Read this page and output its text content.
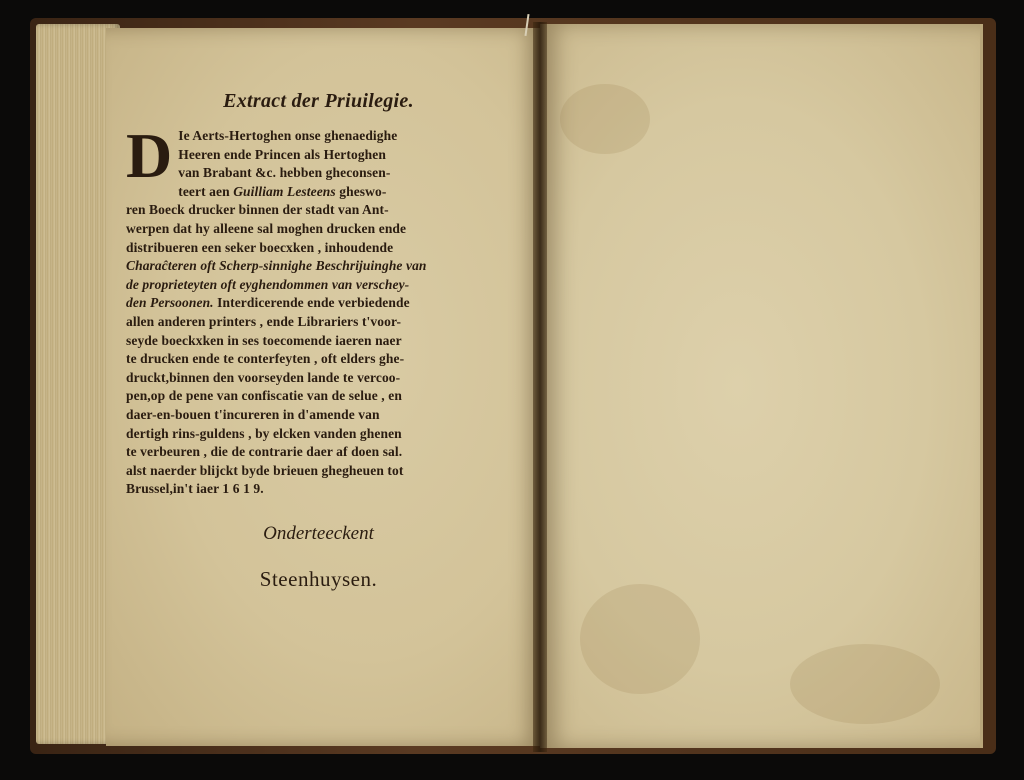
Extract der Priuilegie.
D Ie Aerts-Hertoghen onse ghenaedighe
Heeren ende Princen als Hertoghen
van Brabant &c. hebben gheconsen-
teert aen Guilliam Lesteens gheswo-
ren Boeck drucker binnen der stadt van Ant-
werpen dat hy alleene sal moghen drucken ende
distribueren een seker boecxken , inhoudende
Charaĉteren oft Scherp-sinnighe Beschrijuinghe van
de proprieteyten oft eyghendommen van verschey-
den Persoonen. Interdicerende ende verbiedende
allen anderen printers , ende Librariers t'voor-
seyde boeckxken in ses toecomende iaeren naer
te drucken ende te conterfeyten , oft elders ghe-
druckt,binnen den voorseyden lande te vercoo-
pen,op de pene van confiscatie van de selue , en
daer-en-bouen t'incureren in d'amende van
dertigh rins-guldens , by elcken vanden ghenen
te verbeuren , die de contrarie daer af doen sal.
alst naerder blijckt byde brieuen ghegheuen tot
Brussel,in't iaer 1 6 1 9.
Onderteeckent
Steenhuysen.
